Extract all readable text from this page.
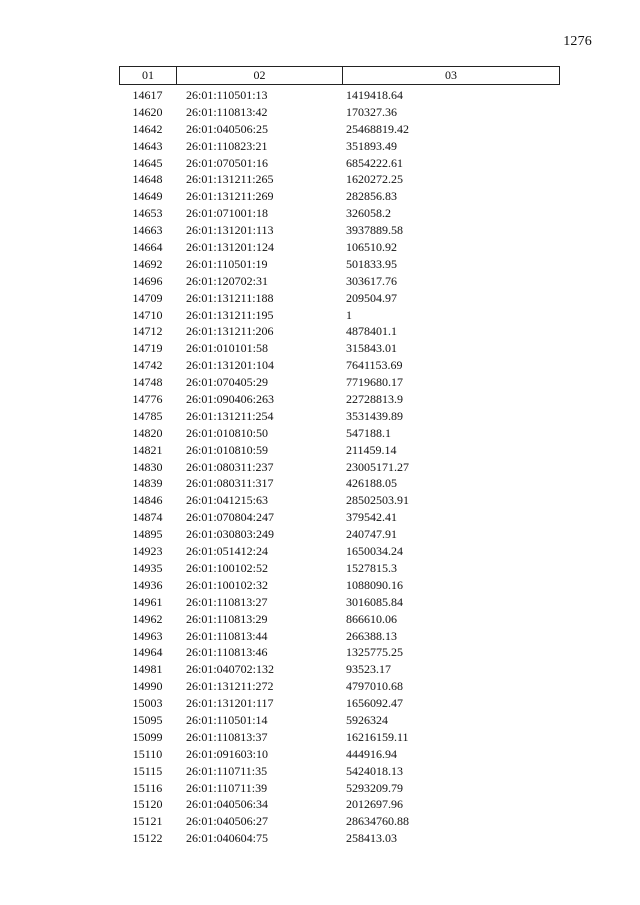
1276
01	02	03
14617	26:01:110501:13	1419418.64
14620	26:01:110813:42	170327.36
14642	26:01:040506:25	25468819.42
14643	26:01:110823:21	351893.49
14645	26:01:070501:16	6854222.61
14648	26:01:131211:265	1620272.25
14649	26:01:131211:269	282856.83
14653	26:01:071001:18	326058.2
14663	26:01:131201:113	3937889.58
14664	26:01:131201:124	106510.92
14692	26:01:110501:19	501833.95
14696	26:01:120702:31	303617.76
14709	26:01:131211:188	209504.97
14710	26:01:131211:195	1
14712	26:01:131211:206	4878401.1
14719	26:01:010101:58	315843.01
14742	26:01:131201:104	7641153.69
14748	26:01:070405:29	7719680.17
14776	26:01:090406:263	22728813.9
14785	26:01:131211:254	3531439.89
14820	26:01:010810:50	547188.1
14821	26:01:010810:59	211459.14
14830	26:01:080311:237	23005171.27
14839	26:01:080311:317	426188.05
14846	26:01:041215:63	28502503.91
14874	26:01:070804:247	379542.41
14895	26:01:030803:249	240747.91
14923	26:01:051412:24	1650034.24
14935	26:01:100102:52	1527815.3
14936	26:01:100102:32	1088090.16
14961	26:01:110813:27	3016085.84
14962	26:01:110813:29	866610.06
14963	26:01:110813:44	266388.13
14964	26:01:110813:46	1325775.25
14981	26:01:040702:132	93523.17
14990	26:01:131211:272	4797010.68
15003	26:01:131201:117	1656092.47
15095	26:01:110501:14	5926324
15099	26:01:110813:37	16216159.11
15110	26:01:091603:10	444916.94
15115	26:01:110711:35	5424018.13
15116	26:01:110711:39	5293209.79
15120	26:01:040506:34	2012697.96
15121	26:01:040506:27	28634760.88
15122	26:01:040604:75	258413.03
